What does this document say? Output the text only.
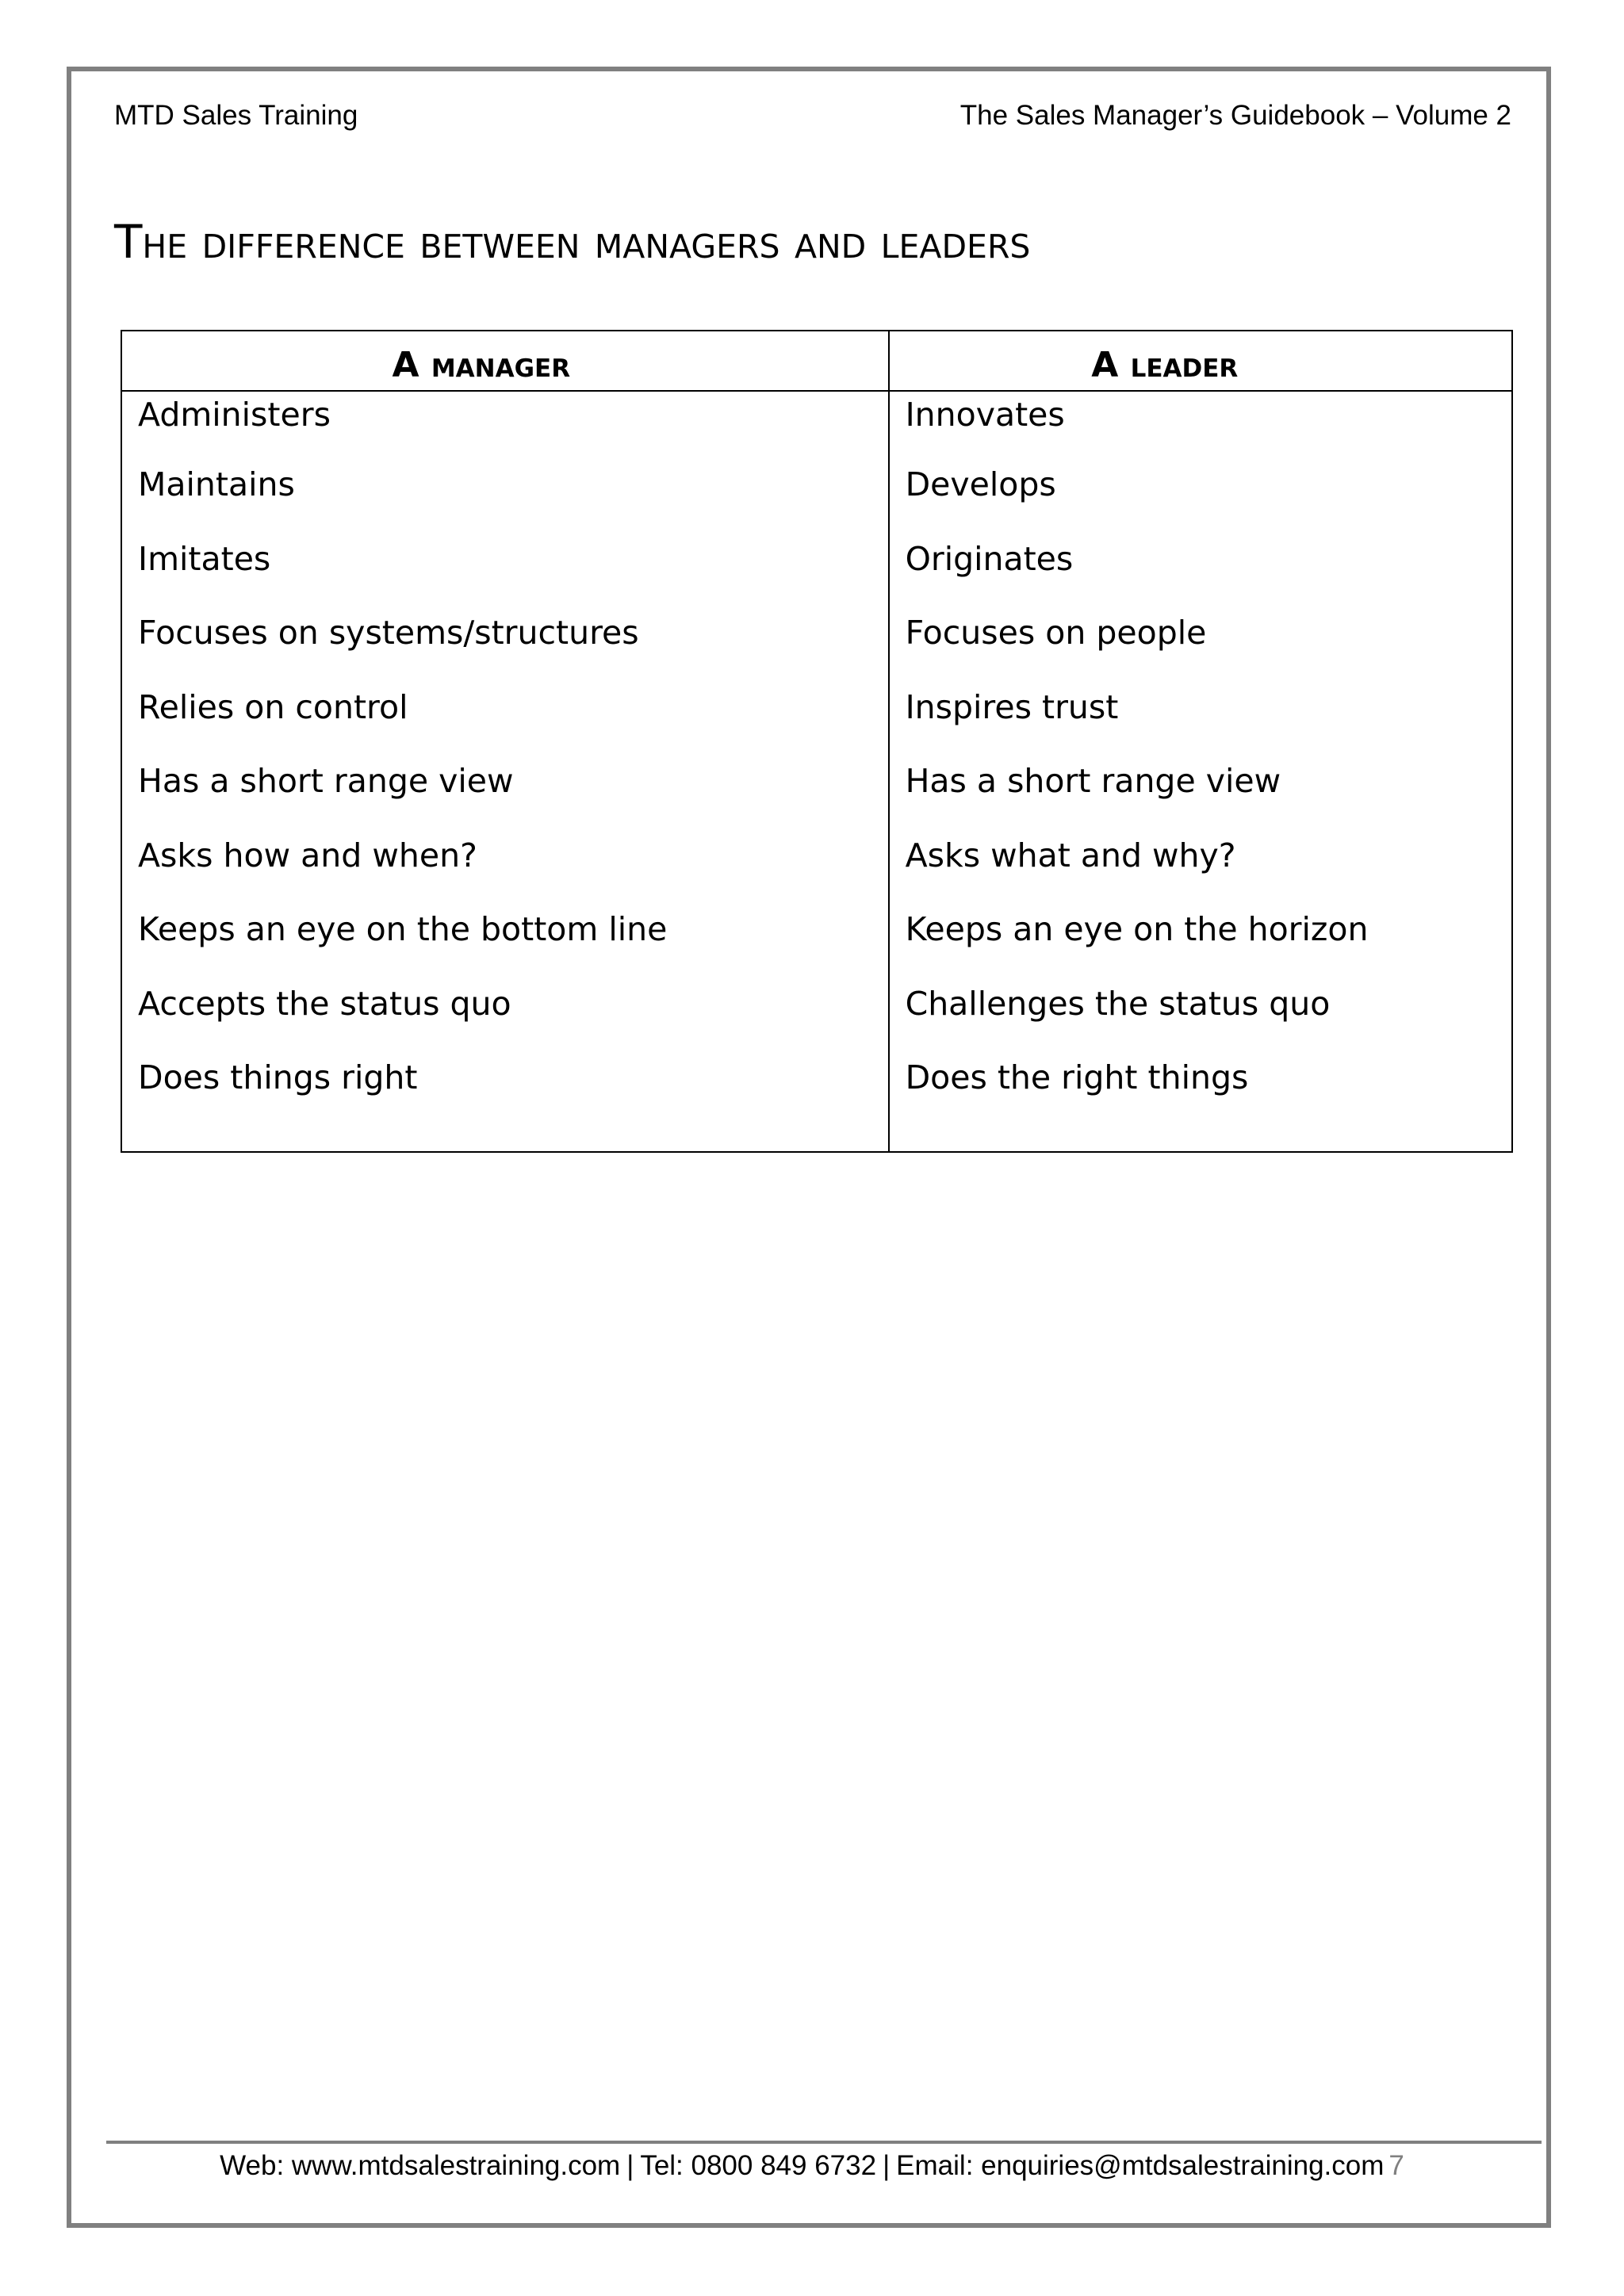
MTD Sales Training	The Sales Manager’s Guidebook – Volume 2
The difference between managers and leaders
A manager	A leader
Administers	Innovates
Maintains	Develops
Imitates	Originates
Focuses on systems/structures	Focuses on people
Relies on control	Inspires trust
Has a short range view	Has a short range view
Asks how and when?	Asks what and why?
Keeps an eye on the bottom line	Keeps an eye on the horizon
Accepts the status quo	Challenges the status quo
Does things right	Does the right things
Web: www.mtdsalestraining.com | Tel: 0800 849 6732 | Email: enquiries@mtdsalestraining.com 7
